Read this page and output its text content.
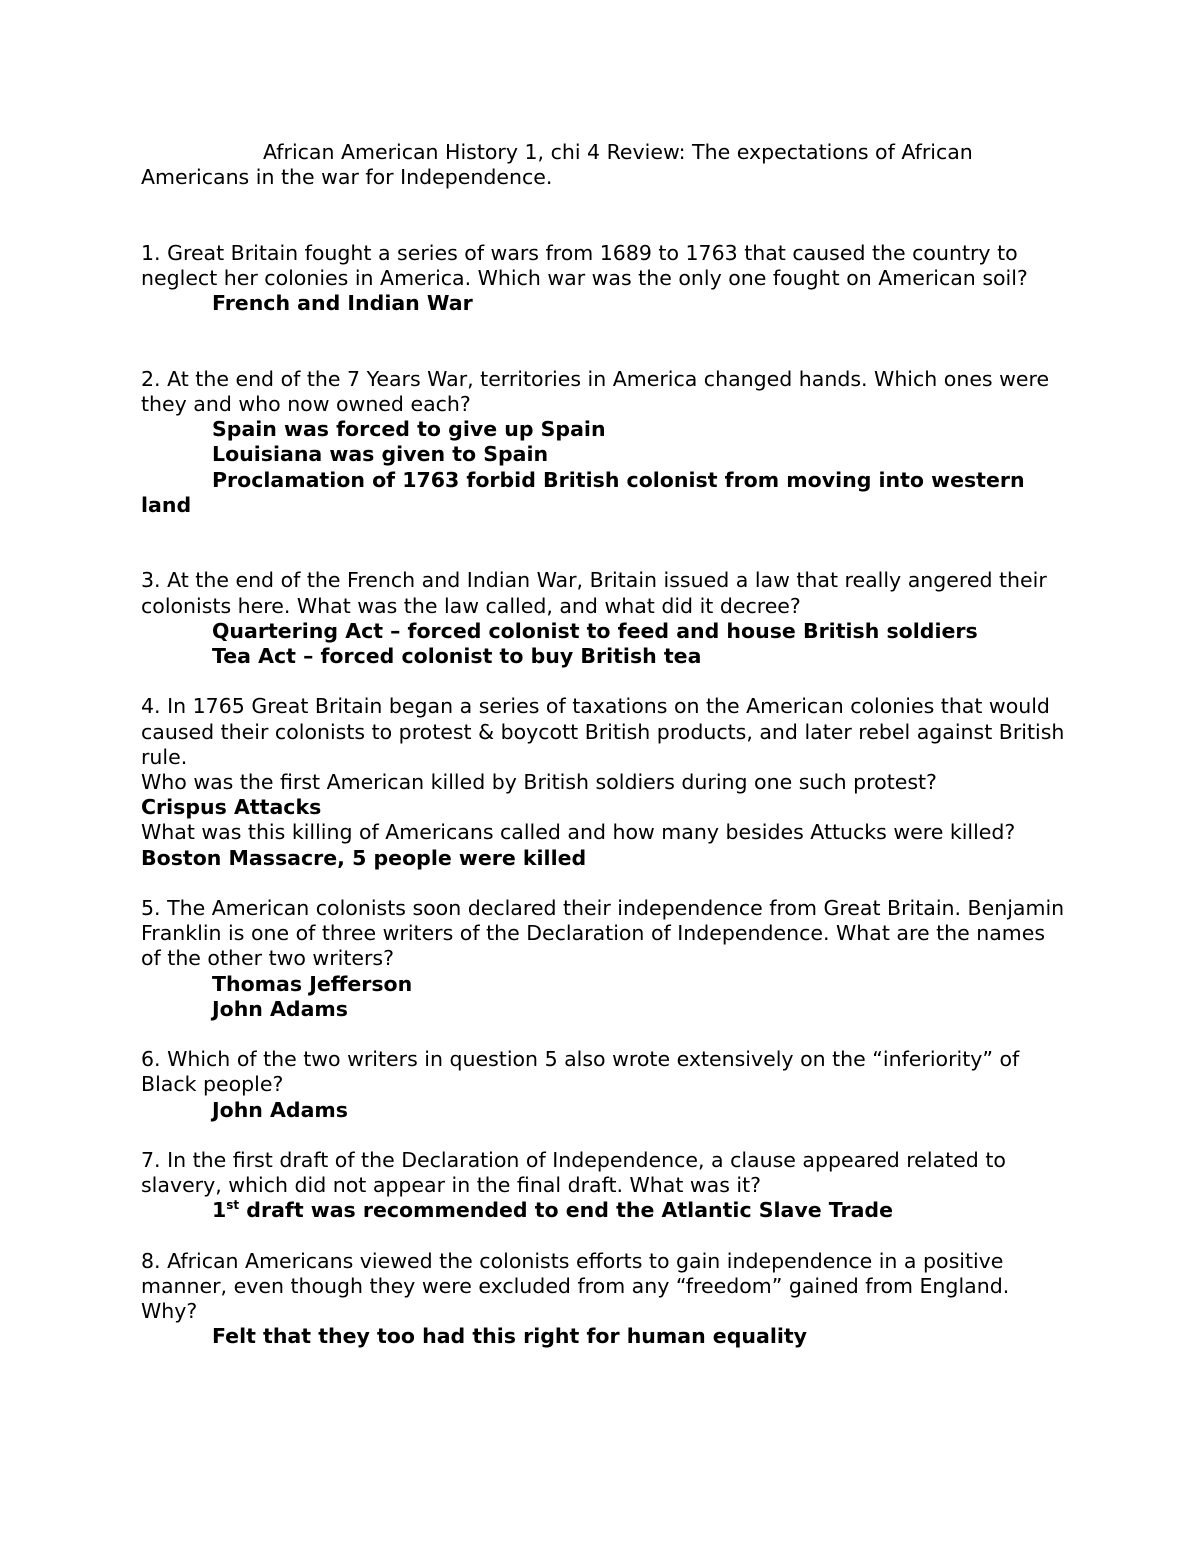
African American History 1, chi 4 Review: The expectations of African Americans in the war for Independence.

1. Great Britain fought a series of wars from 1689 to 1763 that caused the country to neglect her colonies in America. Which war was the only one fought on American soil?

French and Indian War

2. At the end of the 7 Years War, territories in America changed hands. Which ones were they and who now owned each?

Spain was forced to give up Spain

Louisiana was given to Spain

Proclamation of 1763 forbid British colonist from moving into western land

3. At the end of the French and Indian War, Britain issued a law that really angered their colonists here. What was the law called, and what did it decree?

Quartering Act – forced colonist to feed and house British soldiers

Tea Act – forced colonist to buy British tea

4. In 1765 Great Britain began a series of taxations on the American colonies that would caused their colonists to protest & boycott British products, and later rebel against British rule.

Who was the first American killed by British soldiers during one such protest?

Crispus Attacks

What was this killing of Americans called and how many besides Attucks were killed? Boston Massacre, 5 people were killed

5. The American colonists soon declared their independence from Great Britain. Benjamin Franklin is one of three writers of the Declaration of Independence. What are the names of the other two writers?

Thomas Jefferson

John Adams

6. Which of the two writers in question 5 also wrote extensively on the “inferiority” of Black people?

John Adams

7. In the first draft of the Declaration of Independence, a clause appeared related to slavery, which did not appear in the final draft. What was it?

1st draft was recommended to end the Atlantic Slave Trade

8. African Americans viewed the colonists efforts to gain independence in a positive manner, even though they were excluded from any “freedom” gained from England. Why?

Felt that they too had this right for human equality
